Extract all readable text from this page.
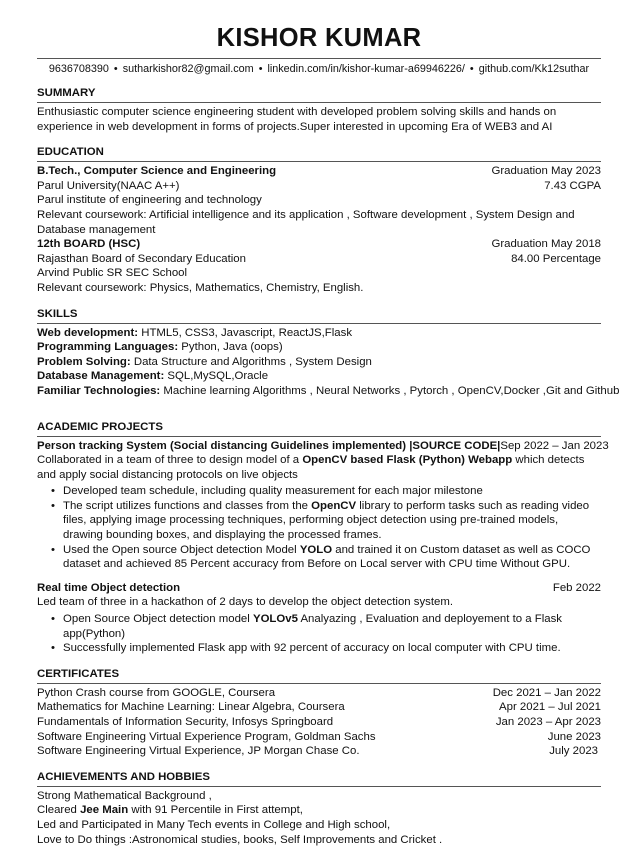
KISHOR KUMAR
9636708390 • sutharkishor82@gmail.com • linkedin.com/in/kishor-kumar-a69946226/ • github.com/Kk12suthar
SUMMARY

Enthusiastic computer science engineering student with developed problem solving skills and hands on experience in web development in forms of projects.Super interested in upcoming Era of WEB3 and AI

EDUCATION
B.Tech., Computer Science and Engineering	Graduation May 2023
Parul University(NAAC A++)	7.43 CGPA
Parul institute of engineering and technology
Relevant coursework: Artificial intelligence and its application , Software development , System Design and Database management
12th BOARD (HSC)	Graduation May 2018
Rajasthan Board of Secondary Education	84.00 Percentage
Arvind Public SR SEC School
Relevant coursework: Physics, Mathematics, Chemistry, English.
SKILLS
Web development: HTML5, CSS3, Javascript, ReactJS,Flask
Programming Languages: Python, Java (oops)
Problem Solving: Data Structure and Algorithms , System Design
Database Management: SQL,MySQL,Oracle
Familiar Technologies: Machine learning Algorithms , Neural Networks , Pytorch , OpenCV,Docker ,Git and Github
ACADEMIC PROJECTS
Person tracking System (Social distancing Guidelines implemented) |SOURCE CODE| Sep 2022 – Jan 2023
Collaborated in a team of three to design model of a OpenCV based Flask (Python) Webapp which detects and apply social distancing protocols on live objects
• Developed team schedule, including quality measurement for each major milestone
• The script utilizes functions and classes from the OpenCV library to perform tasks such as reading video files, applying image processing techniques, performing object detection using pre-trained models, drawing bounding boxes, and displaying the processed frames.
• Used the Open source Object detection Model YOLO and trained it on Custom dataset as well as COCO dataset and achieved 85 Percent accuracy from Before on Local server with CPU time Without GPU.
Real time Object detection	Feb 2022
Led team of three in a hackathon of 2 days to develop the object detection system.
• Open Source Object detection model YOLOv5 Analyazing , Evaluation and deployement to a Flask app(Python)
• Successfully implemented Flask app with 92 percent of accuracy on local computer with CPU time.
CERTIFICATES
Python Crash course from GOOGLE, Coursera	Dec 2021 – Jan 2022
Mathematics for Machine Learning: Linear Algebra, Coursera	Apr 2021 – Jul 2021
Fundamentals of Information Security, Infosys Springboard	Jan 2023 – Apr 2023
Software Engineering Virtual Experience Program, Goldman Sachs	June 2023
Software Engineering Virtual Experience, JP Morgan Chase Co.	July 2023
ACHIEVEMENTS AND HOBBIES
Strong Mathematical Background ,
Cleared Jee Main with 91 Percentile in First attempt,
Led and Participated in Many Tech events in College and High school,
Love to Do things :Astronomical studies, books, Self Improvements and Cricket .
